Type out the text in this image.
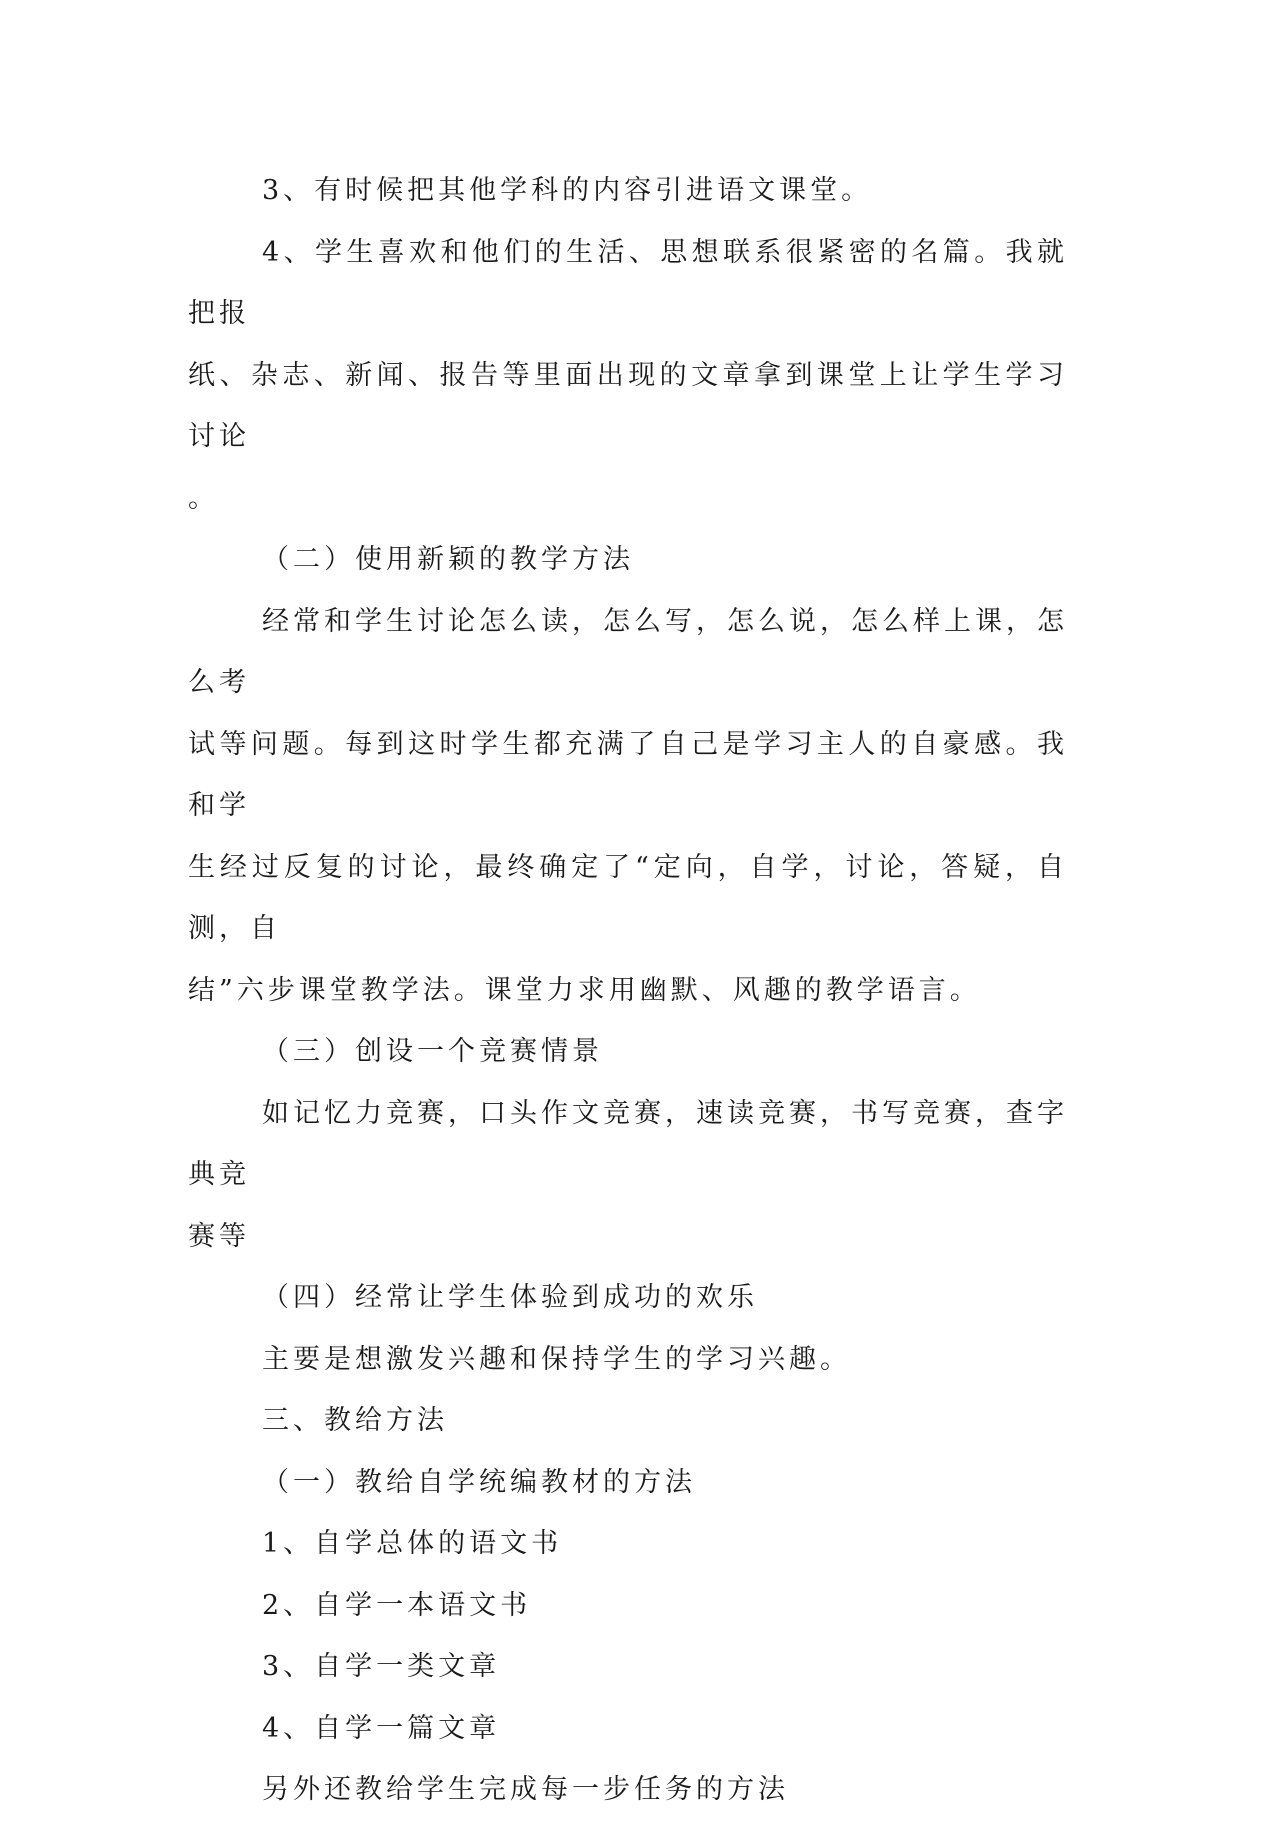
3、有时候把其他学科的内容引进语文课堂。

4、学生喜欢和他们的生活、思想联系很紧密的名篇。我就把报
纸、杂志、新闻、报告等里面出现的文章拿到课堂上让学生学习讨论
。

（二）使用新颖的教学方法

经常和学生讨论怎么读，怎么写，怎么说，怎么样上课，怎么考
试等问题。每到这时学生都充满了自己是学习主人的自豪感。我和学
生经过反复的讨论，最终确定了“定向，自学，讨论，答疑，自测，自
结”六步课堂教学法。课堂力求用幽默、风趣的教学语言。

（三）创设一个竞赛情景

如记忆力竞赛，口头作文竞赛，速读竞赛，书写竞赛，查字典竞
赛等

（四）经常让学生体验到成功的欢乐

主要是想激发兴趣和保持学生的学习兴趣。

三、教给方法

（一）教给自学统编教材的方法

1、自学总体的语文书

2、自学一本语文书

3、自学一类文章

4、自学一篇文章

另外还教给学生完成每一步任务的方法
